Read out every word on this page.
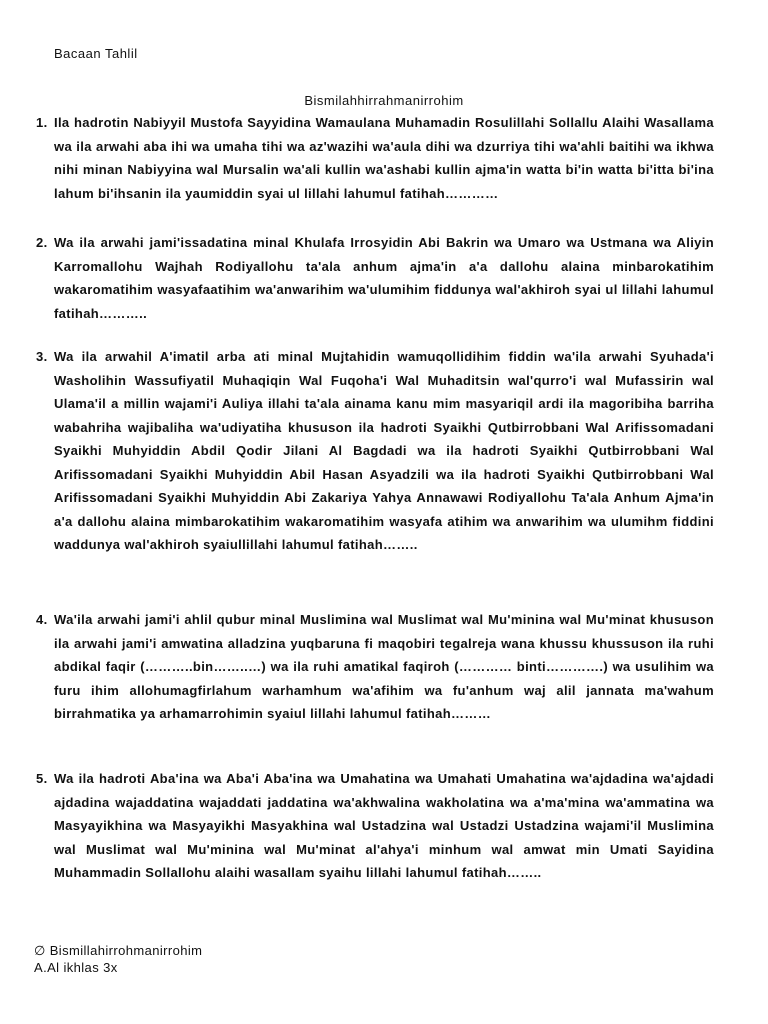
Bacaan Tahlil
Bismilahhirrahmanirrohim
1. Ila hadrotin Nabiyyil Mustofa Sayyidina Wamaulana Muhamadin Rosulillahi Sollallu Alaihi Wasallama wa ila arwahi aba ihi wa umaha tihi wa az'wazihi wa'aula dihi wa dzurriya tihi wa'ahli baitihi wa ikhwa nihi minan Nabiyyina wal Mursalin wa'ali kullin wa'ashabi kullin ajma'in watta bi'in watta bi'itta bi'ina lahum bi'ihsanin ila yaumiddin syai ul lillahi lahumul fatihah…………
2. Wa ila arwahi jami'issadatina minal Khulafa Irrosyidin Abi Bakrin wa Umaro wa Ustmana wa Aliyin Karromallohu Wajhah Rodiyallohu ta'ala anhum ajma'in a'a dallohu alaina minbarokatihim wakaromatihim wasyafaatihim wa'anwarihim wa'ulumihim fiddunya wal'akhiroh syai ul lillahi lahumul fatihah………..
3. Wa ila arwahil A'imatil arba ati minal Mujtahidin wamuqollidihim fiddin wa'ila arwahi Syuhada'i Washolihin Wassufiyatil Muhaqiqin Wal Fuqoha'i Wal Muhaditsin wal'qurro'i wal Mufassirin wal Ulama'il a millin wajami'i Auliya illahi ta'ala ainama kanu mim masyariqil ardi ila magoribiha barriha wabahriha wajibaliha wa'udiyatiha khususon ila hadroti Syaikhi Qutbirrobbani Wal Arifissomadani Syaikhi Muhyiddin Abdil Qodir Jilani Al Bagdadi wa ila hadroti Syaikhi Qutbirrobbani Wal Arifissomadani Syaikhi Muhyiddin Abil Hasan Asyadzili wa ila hadroti Syaikhi Qutbirrobbani Wal Arifissomadani Syaikhi Muhyiddin Abi Zakariya Yahya Annawawi Rodiyallohu Ta'ala Anhum Ajma'in a'a dallohu alaina mimbarokatihim wakaromatihim wasyafa atihim wa anwarihim wa ulumihm fiddini waddunya wal'akhiroh syaiullillahi lahumul fatihah……..
4. Wa'ila arwahi jami'i ahlil qubur minal Muslimina wal Muslimat wal Mu'minina wal Mu'minat khususon ila arwahi jami'i amwatina alladzina yuqbaruna fi maqobiri tegalreja wana khussu khussuson ila ruhi abdikal faqir (………..bin……..…) wa ila ruhi amatikal faqiroh (………… binti………….) wa usulihim wa furu ihim allohumagfirlahum warhamhum wa'afihim wa fu'anhum waj alil jannata ma'wahum birrahmatika ya arhamarrohimin syaiul lillahi lahumul fatihah………
5. Wa ila hadroti Aba'ina wa Aba'i Aba'ina wa Umahatina wa Umahati Umahatina wa'ajdadina wa'ajdadi ajdadina wajaddatina wajaddati jaddatina wa'akhwalina wakholatina wa a'ma'mina wa'ammatina wa Masyayikhina wa Masyayikhi Masyakhina wal Ustadzina wal Ustadzi Ustadzina wajami'il Muslimina wal Muslimat wal Mu'minina wal Mu'minat al'ahya'i minhum wal amwat min Umati Sayidina Muhammadin Sollallohu alaihi wasallam syaihu lillahi lahumul fatihah……..
∅ Bismillahirrohmanirrohim
A.Al ikhlas 3x
